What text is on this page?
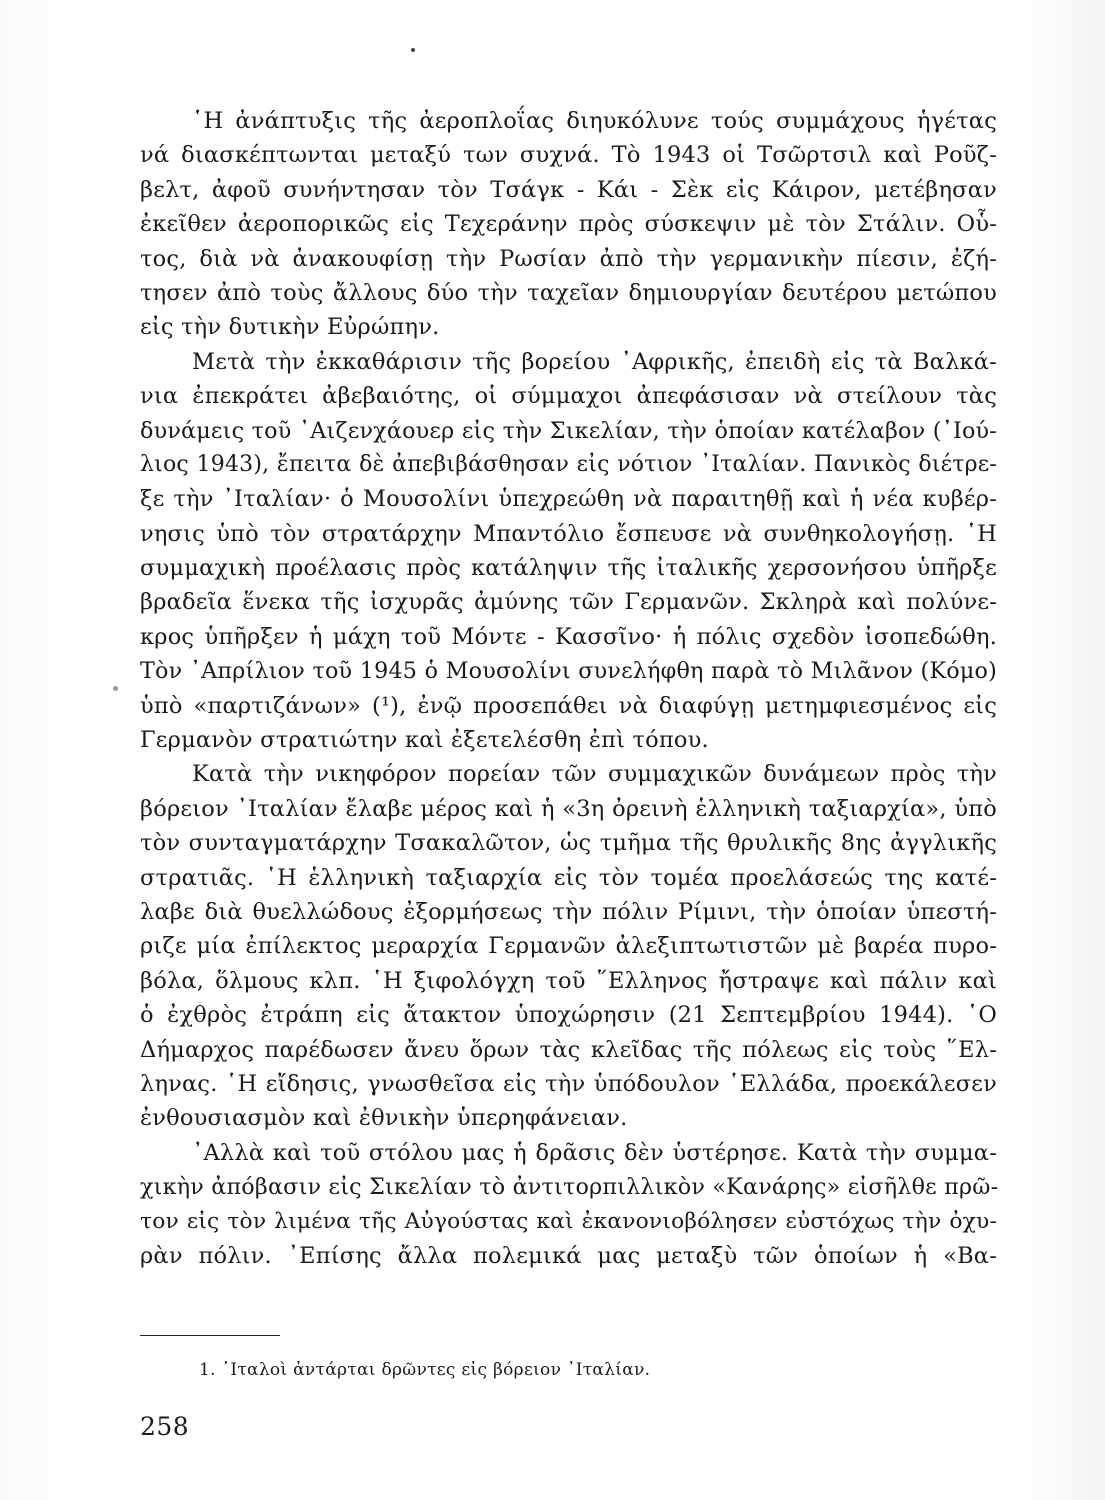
῾Η ἀνάπτυξις τῆς ἀεροπλοΐας διηυκόλυνε τούς συμμάχους ἡγέτας
νά διασκέπτωνται μεταξύ των συχνά. Τὸ 1943 οἱ Τσῶρτσιλ καὶ Ροῦζ-
βελτ, ἀφοῦ συνήντησαν τὸν Τσάγκ - Κάι - Σὲκ εἰς Κάιρον, μετέβησαν
ἐκεῖθεν ἀεροπορικῶς εἰς Τεχεράνην πρὸς σύσκεψιν μὲ τὸν Στάλιν. Οὗ-
τος, διὰ νὰ ἀνακουφίσῃ τὴν Ρωσίαν ἀπὸ τὴν γερμανικὴν πίεσιν, ἐζή-
τησεν ἀπὸ τοὺς ἄλλους δύο τὴν ταχεῖαν δημιουργίαν δευτέρου μετώπου
εἰς τὴν δυτικὴν Εὐρώπην.
Μετὰ τὴν ἐκκαθάρισιν τῆς βορείου ᾽Αφρικῆς, ἐπειδὴ εἰς τὰ Βαλκά-
νια ἐπεκράτει ἀβεβαιότης, οἱ σύμμαχοι ἀπεφάσισαν νὰ στείλουν τὰς
δυνάμεις τοῦ ᾽Αιζενχάουερ εἰς τὴν Σικελίαν, τὴν ὁποίαν κατέλαβον (᾽Ιού-
λιος 1943), ἔπειτα δὲ ἀπεβιβάσθησαν εἰς νότιον ᾽Ιταλίαν. Πανικὸς διέτρε-
ξε τὴν ᾽Ιταλίαν· ὁ Μουσολίνι ὑπεχρεώθη νὰ παραιτηθῇ καὶ ἡ νέα κυβέρ-
νησις ὑπὸ τὸν στρατάρχην Μπαντόλιο ἔσπευσε νὰ συνθηκολογήσῃ. ῾Η
συμμαχικὴ προέλασις πρὸς κατάληψιν τῆς ἰταλικῆς χερσονήσου ὑπῆρξε
βραδεῖα ἕνεκα τῆς ἰσχυρᾶς ἀμύνης τῶν Γερμανῶν. Σκληρὰ καὶ πολύνε-
κρος ὑπῆρξεν ἡ μάχη τοῦ Μόντε - Κασσῖνο· ἡ πόλις σχεδὸν ἰσοπεδώθη.
Τὸν ᾽Απρίλιον τοῦ 1945 ὁ Μουσολίνι συνελήφθη παρὰ τὸ Μιλᾶνον (Κόμο)
ὑπὸ «παρτιζάνων» (¹), ἐνῷ προσεπάθει νὰ διαφύγῃ μετημφιεσμένος εἰς
Γερμανὸν στρατιώτην καὶ ἐξετελέσθη ἐπὶ τόπου.
Κατὰ τὴν νικηφόρον πορείαν τῶν συμμαχικῶν δυνάμεων πρὸς τὴν
βόρειον ᾽Ιταλίαν ἔλαβε μέρος καὶ ἡ «3η ὀρεινὴ ἑλληνικὴ ταξιαρχία», ὑπὸ
τὸν συνταγματάρχην Τσακαλῶτον, ὡς τμῆμα τῆς θρυλικῆς 8ης ἀγγλικῆς
στρατιᾶς. ῾Η ἑλληνικὴ ταξιαρχία εἰς τὸν τομέα προελάσεώς της κατέ-
λαβε διὰ θυελλώδους ἐξορμήσεως τὴν πόλιν Ρίμινι, τὴν ὁποίαν ὑπεστή-
ριζε μία ἐπίλεκτος μεραρχία Γερμανῶν ἀλεξιπτωτιστῶν μὲ βαρέα πυρο-
βόλα, ὅλμους κλπ. ῾Η ξιφολόγχη τοῦ ῞Ελληνος ἤστραψε καὶ πάλιν καὶ
ὁ ἐχθρὸς ἐτράπη εἰς ἄτακτον ὑποχώρησιν (21 Σεπτεμβρίου 1944). ῾Ο
Δήμαρχος παρέδωσεν ἄνευ ὅρων τὰς κλεῖδας τῆς πόλεως εἰς τοὺς ῞Ελ-
ληνας. ῾Η εἴδησις, γνωσθεῖσα εἰς τὴν ὑπόδουλον ῾Ελλάδα, προεκάλεσεν
ἐνθουσιασμὸν καὶ ἐθνικὴν ὑπερηφάνειαν.
᾽Αλλὰ καὶ τοῦ στόλου μας ἡ δρᾶσις δὲν ὑστέρησε. Κατὰ τὴν συμμα-
χικὴν ἀπόβασιν εἰς Σικελίαν τὸ ἀντιτορπιλλικὸν «Κανάρης» εἰσῆλθε πρῶ-
τον εἰς τὸν λιμένα τῆς Αὐγούστας καὶ ἐκανονιοβόλησεν εὐστόχως τὴν ὀχυ-
ρὰν πόλιν. ᾽Επίσης ἄλλα πολεμικά μας μεταξὺ τῶν ὁποίων ἡ «Βα-
1. ᾽Ιταλοὶ ἀντάρται δρῶντες εἰς βόρειον ᾽Ιταλίαν.
258
